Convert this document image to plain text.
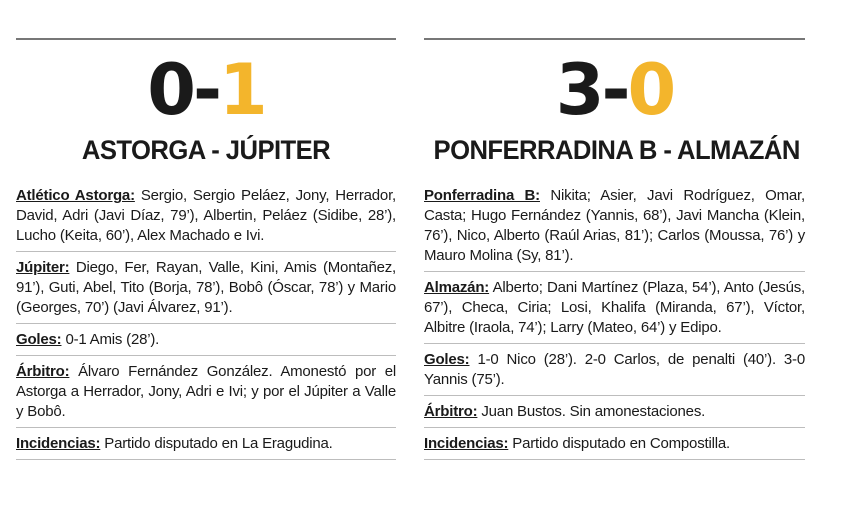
0-1
ASTORGA - JÚPITER
Atlético Astorga: Sergio, Sergio Peláez, Jony, Herrador, David, Adri (Javi Díaz, 79’), Albertin, Peláez (Sidibe, 28’), Lucho (Keita, 60’), Alex Machado e Ivi.
Júpiter: Diego, Fer, Rayan, Valle, Kini, Amis (Montañez, 91’), Guti, Abel, Tito (Borja, 78’), Bobô (Óscar, 78’) y Mario (Georges, 70’) (Javi Álvarez, 91’).
Goles: 0-1 Amis (28’).
Árbitro: Álvaro Fernández González. Amonestó por el Astorga a Herrador, Jony, Adri e Ivi; y por el Júpiter a Valle y Bobô.
Incidencias: Partido disputado en La Eragudina.
3-0
PONFERRADINA B - ALMAZÁN
Ponferradina B: Nikita; Asier, Javi Rodríguez, Omar, Casta; Hugo Fernández (Yannis, 68’), Javi Mancha (Klein, 76’), Nico, Alberto (Raúl Arias, 81’); Carlos (Moussa, 76’) y Mauro Molina (Sy, 81’).
Almazán: Alberto; Dani Martínez (Plaza, 54’), Anto (Jesús, 67’), Checa, Ciria; Losi, Khalifa (Miranda, 67’), Víctor, Albitre (Iraola, 74’); Larry (Mateo, 64’) y Edipo.
Goles: 1-0 Nico (28’). 2-0 Carlos, de penalti (40’). 3-0 Yannis (75’).
Árbitro: Juan Bustos. Sin amonestaciones.
Incidencias: Partido disputado en Compostilla.
